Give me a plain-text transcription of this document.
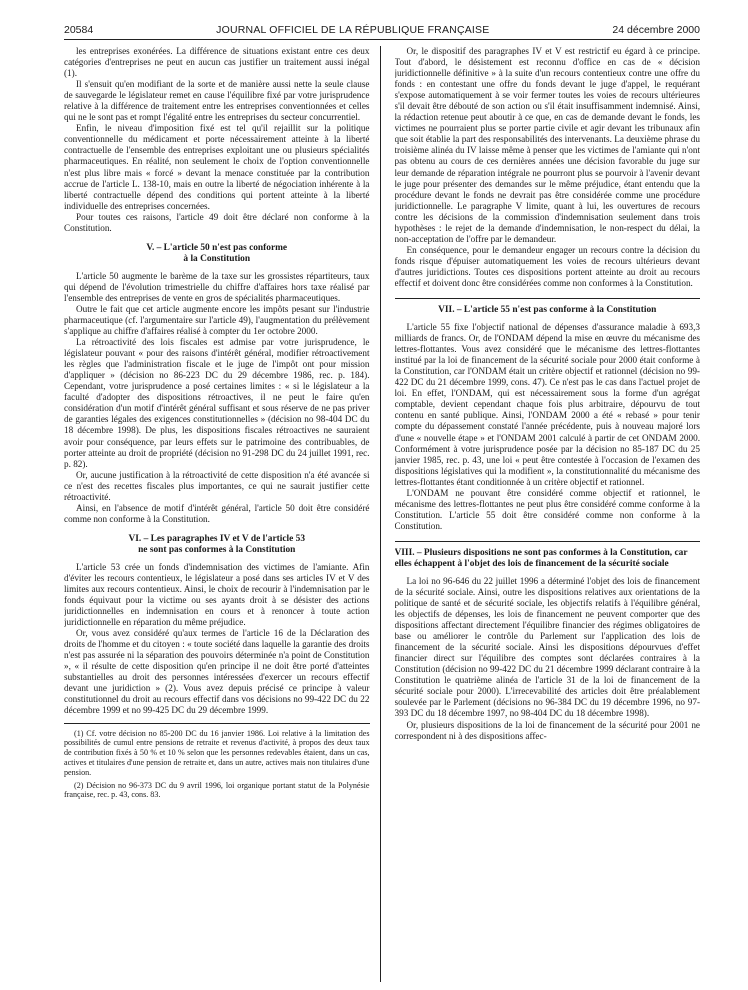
20584	JOURNAL OFFICIEL DE LA RÉPUBLIQUE FRANÇAISE	24 décembre 2000

les entreprises exonérées. La différence de situations existant entre ces deux catégories d'entreprises ne peut en aucun cas justifier un traitement aussi inégal (1).

Il s'ensuit qu'en modifiant de la sorte et de manière aussi nette la seule clause de sauvegarde le législateur remet en cause l'équilibre fixé par votre jurisprudence relative à la différence de traitement entre les entreprises conventionnées et celles qui ne le sont pas et rompt l'égalité entre les entreprises du secteur concurrentiel.

Enfin, le niveau d'imposition fixé est tel qu'il rejaillit sur la politique conventionnelle du médicament et porte nécessairement atteinte à la liberté contractuelle de l'ensemble des entreprises exploitant une ou plusieurs spécialités pharmaceutiques. En réalité, non seulement le choix de l'option conventionnelle n'est plus libre mais « forcé » devant la menace constituée par la contribution accrue de l'article L. 138-10, mais en outre la liberté de négociation inhérente à la liberté contractuelle dépend des conditions qui portent atteinte à la liberté individuelle des entreprises concernées.

Pour toutes ces raisons, l'article 49 doit être déclaré non conforme à la Constitution.

V. – L'article 50 n'est pas conforme
à la Constitution

L'article 50 augmente le barème de la taxe sur les grossistes répartiteurs, taux qui dépend de l'évolution trimestrielle du chiffre d'affaires hors taxe réalisé par l'ensemble des entreprises de vente en gros de spécialités pharmaceutiques.

Outre le fait que cet article augmente encore les impôts pesant sur l'industrie pharmaceutique (cf. l'argumentaire sur l'article 49), l'augmentation du prélèvement s'applique au chiffre d'affaires réalisé à compter du 1er octobre 2000.

La rétroactivité des lois fiscales est admise par votre jurisprudence, le législateur pouvant « pour des raisons d'intérêt général, modifier rétroactivement les règles que l'administration fiscale et le juge de l'impôt ont pour mission d'appliquer » (décision no 86-223 DC du 29 décembre 1986, rec. p. 184). Cependant, votre jurisprudence a posé certaines limites : « si le législateur a la faculté d'adopter des dispositions rétroactives, il ne peut le faire qu'en considération d'un motif d'intérêt général suffisant et sous réserve de ne pas priver de garanties légales des exigences constitutionnelles » (décision no 98-404 DC du 18 décembre 1998). De plus, les dispositions fiscales rétroactives ne sauraient avoir pour conséquence, par leurs effets sur le patrimoine des contribuables, de porter atteinte au droit de propriété (décision no 91-298 DC du 24 juillet 1991, rec. p. 82).

Or, aucune justification à la rétroactivité de cette disposition n'a été avancée si ce n'est des recettes fiscales plus importantes, ce qui ne saurait justifier cette rétroactivité.

Ainsi, en l'absence de motif d'intérêt général, l'article 50 doit être considéré comme non conforme à la Constitution.

VI. – Les paragraphes IV et V de l'article 53
ne sont pas conformes à la Constitution

L'article 53 crée un fonds d'indemnisation des victimes de l'amiante. Afin d'éviter les recours contentieux, le législateur a posé dans ses articles IV et V des limites aux recours contentieux. Ainsi, le choix de recourir à l'indemnisation par le fonds équivaut pour la victime ou ses ayants droit à se désister des actions juridictionnelles en indemnisation en cours et à renoncer à toute action juridictionnelle en réparation du même préjudice.

Or, vous avez considéré qu'aux termes de l'article 16 de la Déclaration des droits de l'homme et du citoyen : « toute société dans laquelle la garantie des droits n'est pas assurée ni la séparation des pouvoirs déterminée n'a point de Constitution », « il résulte de cette disposition qu'en principe il ne doit être porté d'atteintes substantielles au droit des personnes intéressées d'exercer un recours effectif devant une juridiction » (2). Vous avez depuis précisé ce principe à valeur constitutionnel du droit au recours effectif dans vos décisions no 99-422 DC du 22 décembre 1999 et no 99-425 DC du 29 décembre 1999.

(1) Cf. votre décision no 85-200 DC du 16 janvier 1986. Loi relative à la limitation des possibilités de cumul entre pensions de retraite et revenus d'activité, à propos des deux taux de contribution fixés à 50 % et 10 % selon que les personnes redevables étaient, dans un cas, actives et titulaires d'une pension de retraite et, dans un autre, actives mais non titulaires d'une pension.

(2) Décision no 96-373 DC du 9 avril 1996, loi organique portant statut de la Polynésie française, rec. p. 43, cons. 83.

Or, le dispositif des paragraphes IV et V est restrictif eu égard à ce principe. Tout d'abord, le désistement est reconnu d'office en cas de « décision juridictionnelle définitive » à la suite d'un recours contentieux contre une offre du fonds : en contestant une offre du fonds devant le juge d'appel, le requérant s'expose automatiquement à se voir fermer toutes les voies de recours ultérieures s'il devait être débouté de son action ou s'il était insuffisamment indemnisé. Ainsi, la rédaction retenue peut aboutir à ce que, en cas de demande devant le fonds, les victimes ne pourraient plus se porter partie civile et agir devant les tribunaux afin que soit établie la part des responsabilités des intervenants. La deuxième phrase du troisième alinéa du IV laisse même à penser que les victimes de l'amiante qui n'ont pas obtenu au cours de ces dernières années une décision favorable du juge sur leur demande de réparation intégrale ne pourront plus se pourvoir à l'avenir devant le juge pour présenter des demandes sur le même préjudice, étant entendu que la procédure devant le fonds ne devrait pas être considérée comme une procédure juridictionnelle. Le paragraphe V limite, quant à lui, les ouvertures de recours contre les décisions de la commission d'indemnisation seulement dans trois hypothèses : le rejet de la demande d'indemnisation, le non-respect du délai, la non-acceptation de l'offre par le demandeur.

En conséquence, pour le demandeur engager un recours contre la décision du fonds risque d'épuiser automatiquement les voies de recours ultérieurs devant d'autres juridictions. Toutes ces dispositions portent atteinte au droit au recours effectif et doivent donc être considérées comme non conformes à la Constitution.

VII. – L'article 55 n'est pas conforme à la Constitution

L'article 55 fixe l'objectif national de dépenses d'assurance maladie à 693,3 milliards de francs. Or, de l'ONDAM dépend la mise en œuvre du mécanisme des lettres-flottantes. Vous avez considéré que le mécanisme des lettres-flottantes institué par la loi de financement de la sécurité sociale pour 2000 était conforme à la Constitution, car l'ONDAM était un critère objectif et rationnel (décision no 99-422 DC du 21 décembre 1999, cons. 47). Ce n'est pas le cas dans l'actuel projet de loi. En effet, l'ONDAM, qui est nécessairement sous la forme d'un agrégat comptable, devient cependant chaque fois plus arbitraire, dépourvu de tout contenu en santé publique. Ainsi, l'ONDAM 2000 a été « rebasé » pour tenir compte du dépassement constaté l'année précédente, puis à nouveau majoré lors d'une « nouvelle étape » et l'ONDAM 2001 calculé à partir de cet ONDAM 2000. Conformément à votre jurisprudence posée par la décision no 85-187 DC du 25 janvier 1985, rec. p. 43, une loi « peut être contestée à l'occasion de l'examen des dispositions législatives qui la modifient », la constitutionnalité du mécanisme des lettres-flottantes étant conditionnée à un critère objectif et rationnel.

L'ONDAM ne pouvant être considéré comme objectif et rationnel, le mécanisme des lettres-flottantes ne peut plus être considéré comme conforme à la Constitution. L'article 55 doit être considéré comme non conforme à la Constitution.

VIII. – Plusieurs dispositions ne sont pas conformes à la Constitution, car elles échappent à l'objet des lois de financement de la sécurité sociale

La loi no 96-646 du 22 juillet 1996 a déterminé l'objet des lois de financement de la sécurité sociale. Ainsi, outre les dispositions relatives aux orientations de la politique de santé et de sécurité sociale, les objectifs relatifs à l'équilibre général, les objectifs de dépenses, les lois de financement ne peuvent comporter que des dispositions affectant directement l'équilibre financier des régimes obligatoires de base ou améliorer le contrôle du Parlement sur l'application des lois de financement de la sécurité sociale. Ainsi les dispositions dépourvues d'effet financier direct sur l'équilibre des comptes sont déclarées contraires à la Constitution (décision no 99-422 DC du 21 décembre 1999 déclarant contraire à la Constitution le quatrième alinéa de l'article 31 de la loi de financement de la sécurité sociale pour 2000). L'irrecevabilité des articles doit être préalablement soulevée par le Parlement (décisions no 96-384 DC du 19 décembre 1996, no 97-393 DC du 18 décembre 1997, no 98-404 DC du 18 décembre 1998).

Or, plusieurs dispositions de la loi de financement de la sécurité pour 2001 ne correspondent ni à des dispositions affec-
